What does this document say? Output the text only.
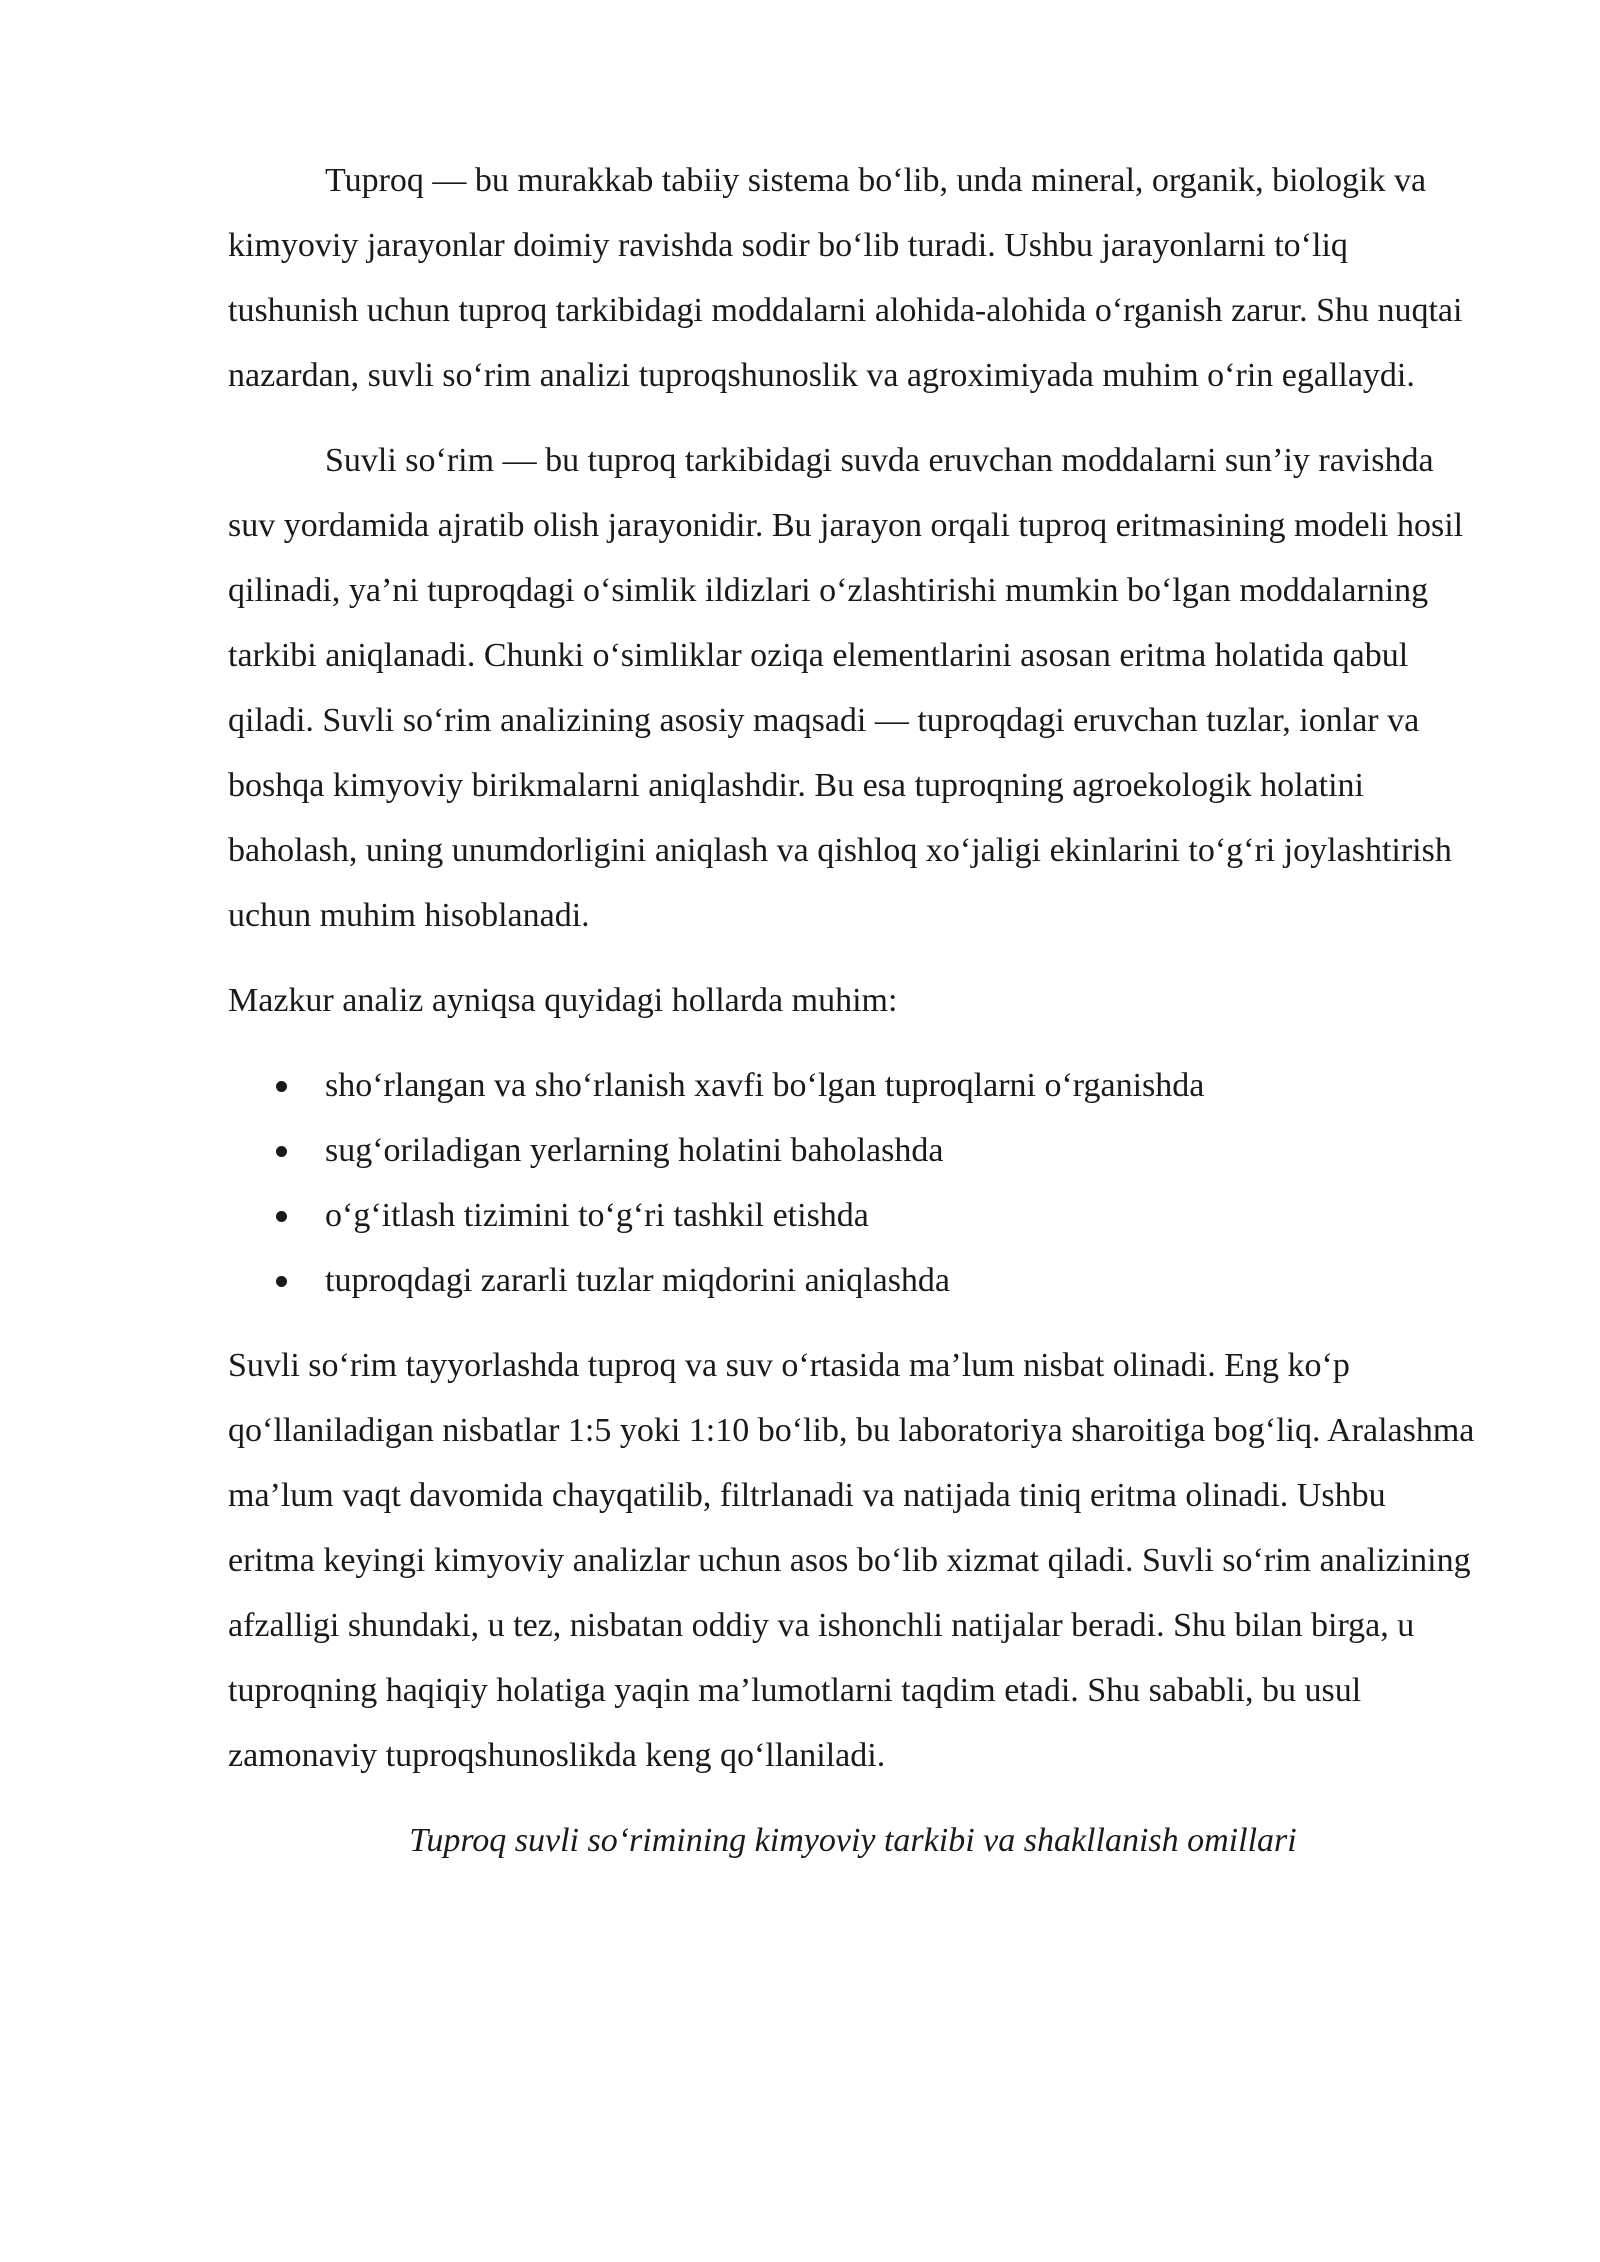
Tuproq — bu murakkab tabiiy sistema bo‘lib, unda mineral, organik, biologik va kimyoviy jarayonlar doimiy ravishda sodir bo‘lib turadi. Ushbu jarayonlarni to‘liq tushunish uchun tuproq tarkibidagi moddalarni alohida-alohida o‘rganish zarur. Shu nuqtai nazardan, suvli so‘rim analizi tuproqshunoslik va agroximiyada muhim o‘rin egallaydi.

Suvli so‘rim — bu tuproq tarkibidagi suvda eruvchan moddalarni sun’iy ravishda suv yordamida ajratib olish jarayonidir. Bu jarayon orqali tuproq eritmasining modeli hosil qilinadi, ya’ni tuproqdagi o‘simlik ildizlari o‘zlashtirishi mumkin bo‘lgan moddalarning tarkibi aniqlanadi. Chunki o‘simliklar oziqa elementlarini asosan eritma holatida qabul qiladi. Suvli so‘rim analizining asosiy maqsadi — tuproqdagi eruvchan tuzlar, ionlar va boshqa kimyoviy birikmalarni aniqlashdir. Bu esa tuproqning agroekologik holatini baholash, uning unumdorligini aniqlash va qishloq xo‘jaligi ekinlarini to‘g‘ri joylashtirish uchun muhim hisoblanadi.

Mazkur analiz ayniqsa quyidagi hollarda muhim:

sho‘rlangan va sho‘rlanish xavfi bo‘lgan tuproqlarni o‘rganishda
sug‘oriladigan yerlarning holatini baholashda
o‘g‘itlash tizimini to‘g‘ri tashkil etishda
tuproqdagi zararli tuzlar miqdorini aniqlashda

Suvli so‘rim tayyorlashda tuproq va suv o‘rtasida ma’lum nisbat olinadi. Eng ko‘p qo‘llaniladigan nisbatlar 1:5 yoki 1:10 bo‘lib, bu laboratoriya sharoitiga bog‘liq. Aralashma ma’lum vaqt davomida chayqatilib, filtrlanadi va natijada tiniq eritma olinadi. Ushbu eritma keyingi kimyoviy analizlar uchun asos bo‘lib xizmat qiladi. Suvli so‘rim analizining afzalligi shundaki, u tez, nisbatan oddiy va ishonchli natijalar beradi. Shu bilan birga, u tuproqning haqiqiy holatiga yaqin ma’lumotlarni taqdim etadi. Shu sababli, bu usul zamonaviy tuproqshunoslikda keng qo‘llaniladi.

Tuproq suvli so‘rimining kimyoviy tarkibi va shakllanish omillari
